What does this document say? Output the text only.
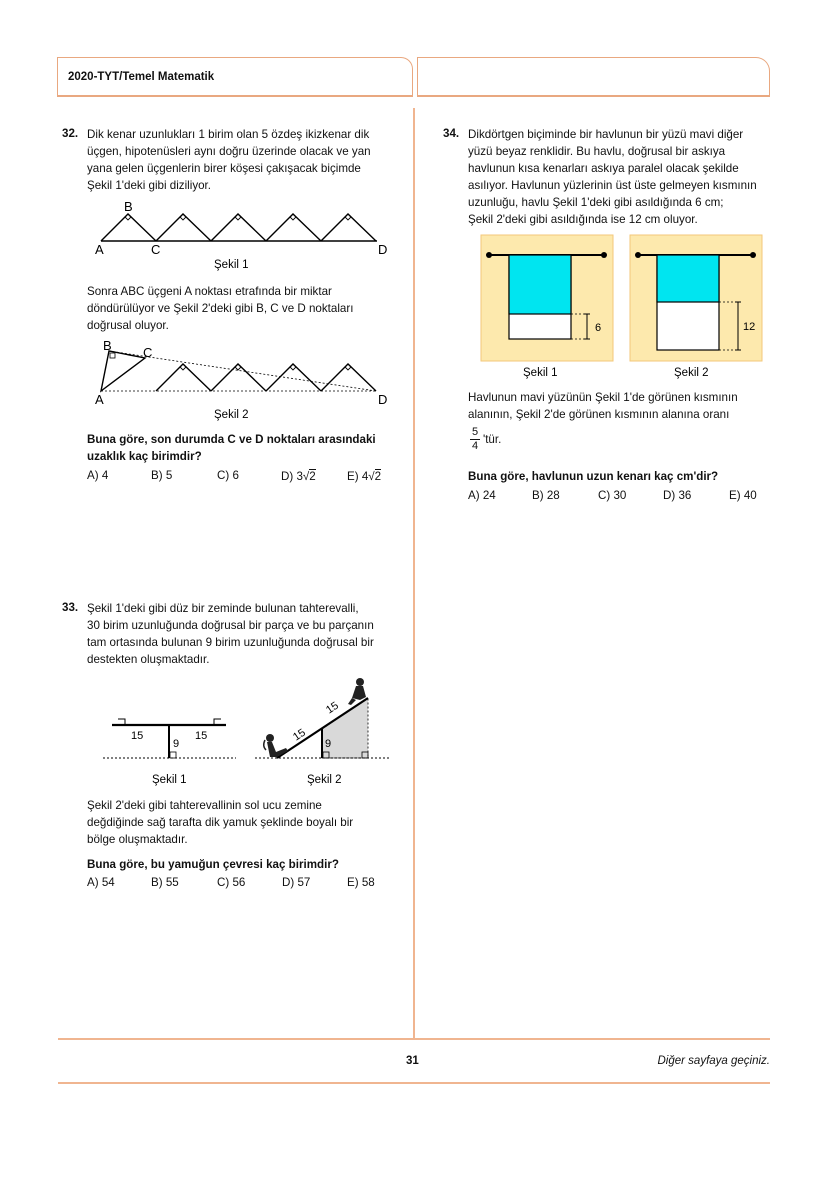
2020-TYT/Temel Matematik
32. Dik kenar uzunlukları 1 birim olan 5 özdeş ikizkenar dik
üçgen, hipotenüsleri aynı doğru üzerinde olacak ve yan
yana gelen üçgenlerin birer köşesi çakışacak biçimde
Şekil 1'deki gibi diziliyor.
A
B
C	D
Şekil 1
Sonra ABC üçgeni A noktası etrafında bir miktar
döndürülüyor ve Şekil 2'deki gibi B, C ve D noktaları
doğrusal oluyor.
A
B C
D
Şekil 2
Buna göre, son durumda C ve D noktaları arasındaki
uzaklık kaç birimdir?
A) 4	B) 5	C) 6	D) 3√2	E) 4√2
33. Şekil 1'deki gibi düz bir zeminde bulunan tahterevalli,
30 birim uzunluğunda doğrusal bir parça ve bu parçanın
tam ortasında bulunan 9 birim uzunluğunda doğrusal bir
destekten oluşmaktadır.
15	15
9
Şekil 1
15
15
9
Şekil 2
Şekil 2'deki gibi tahterevallinin sol ucu zemine
değdiğinde sağ tarafta dik yamuk şeklinde boyalı bir
bölge oluşmaktadır.
Buna göre, bu yamuğun çevresi kaç birimdir?
A) 54	B) 55	C) 56	D) 57	E) 58
34. Dikdörtgen biçiminde bir havlunun bir yüzü mavi diğer
yüzü beyaz renklidir. Bu havlu, doğrusal bir askıya
havlunun kısa kenarları askıya paralel olacak şekilde
asılıyor. Havlunun yüzlerinin üst üste gelmeyen kısmının
uzunluğu, havlu Şekil 1'deki gibi asıldığında 6 cm;
Şekil 2'deki gibi asıldığında ise 12 cm oluyor.
6
Şekil 1
12
Şekil 2
Havlunun mavi yüzünün Şekil 1'de görünen kısmının
alanının, Şekil 2'de görünen kısmının alanına oranı
$\frac{5}{4}$ 'tür.
Buna göre, havlunun uzun kenarı kaç cm'dir?
A) 24	B) 28	C) 30	D) 36	E) 40
31	Diğer sayfaya geçiniz.
